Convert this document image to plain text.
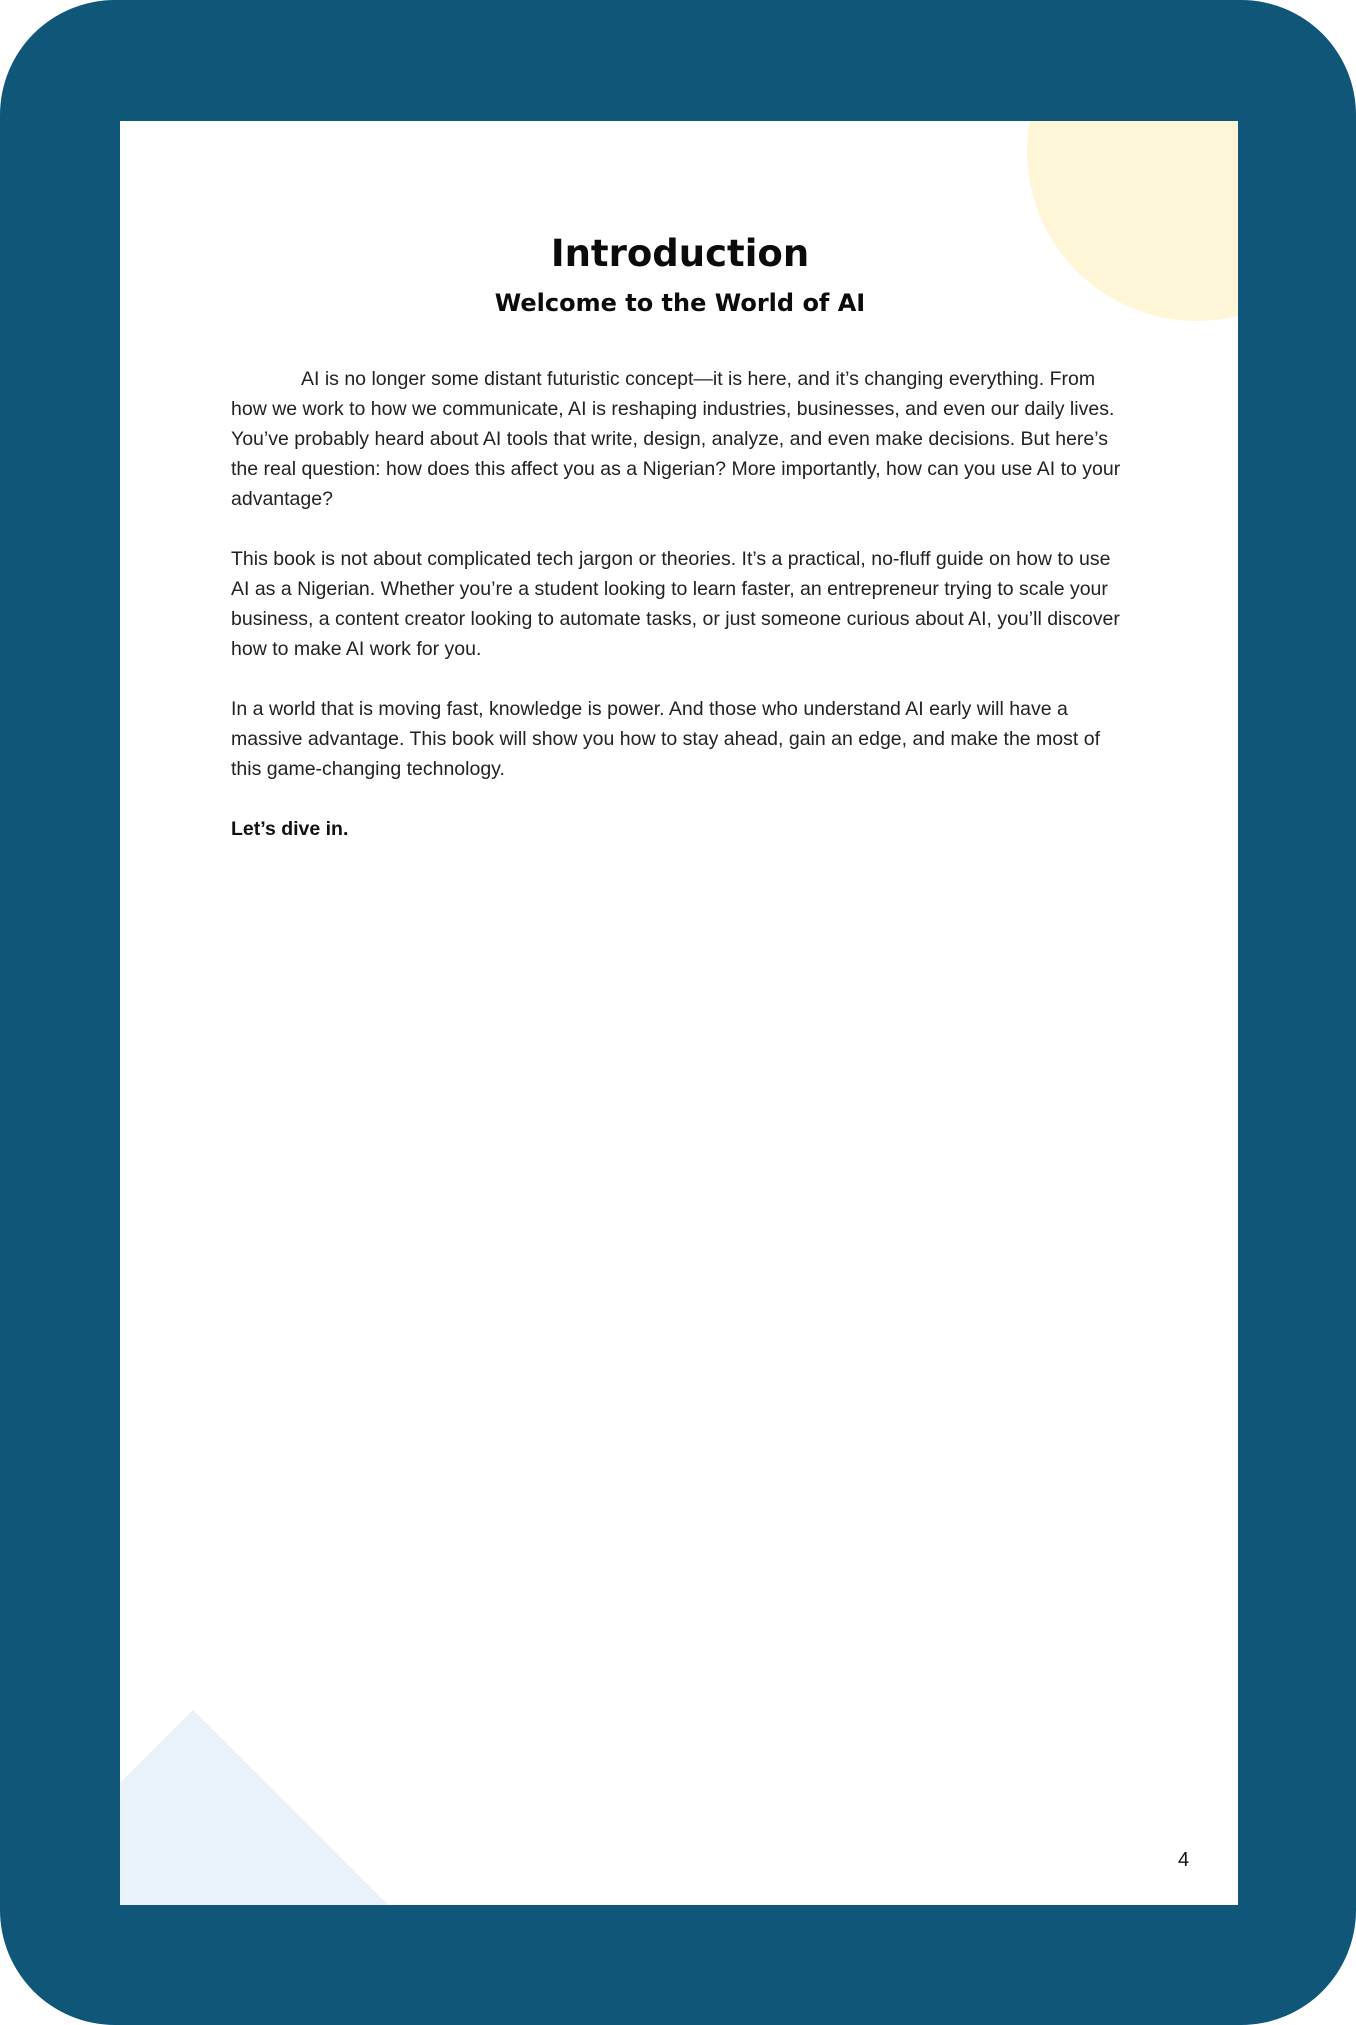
Introduction
Welcome to the World of AI

AI is no longer some distant futuristic concept—it is here, and it’s changing everything. From how we work to how we communicate, AI is reshaping industries, businesses, and even our daily lives. You’ve probably heard about AI tools that write, design, analyze, and even make decisions. But here’s the real question: how does this affect you as a Nigerian? More importantly, how can you use AI to your advantage?

This book is not about complicated tech jargon or theories. It’s a practical, no-fluff guide on how to use AI as a Nigerian. Whether you’re a student looking to learn faster, an entrepreneur trying to scale your business, a content creator looking to automate tasks, or just someone curious about AI, you’ll discover how to make AI work for you.

In a world that is moving fast, knowledge is power. And those who understand AI early will have a massive advantage. This book will show you how to stay ahead, gain an edge, and make the most of this game-changing technology.

Let’s dive in.

4
